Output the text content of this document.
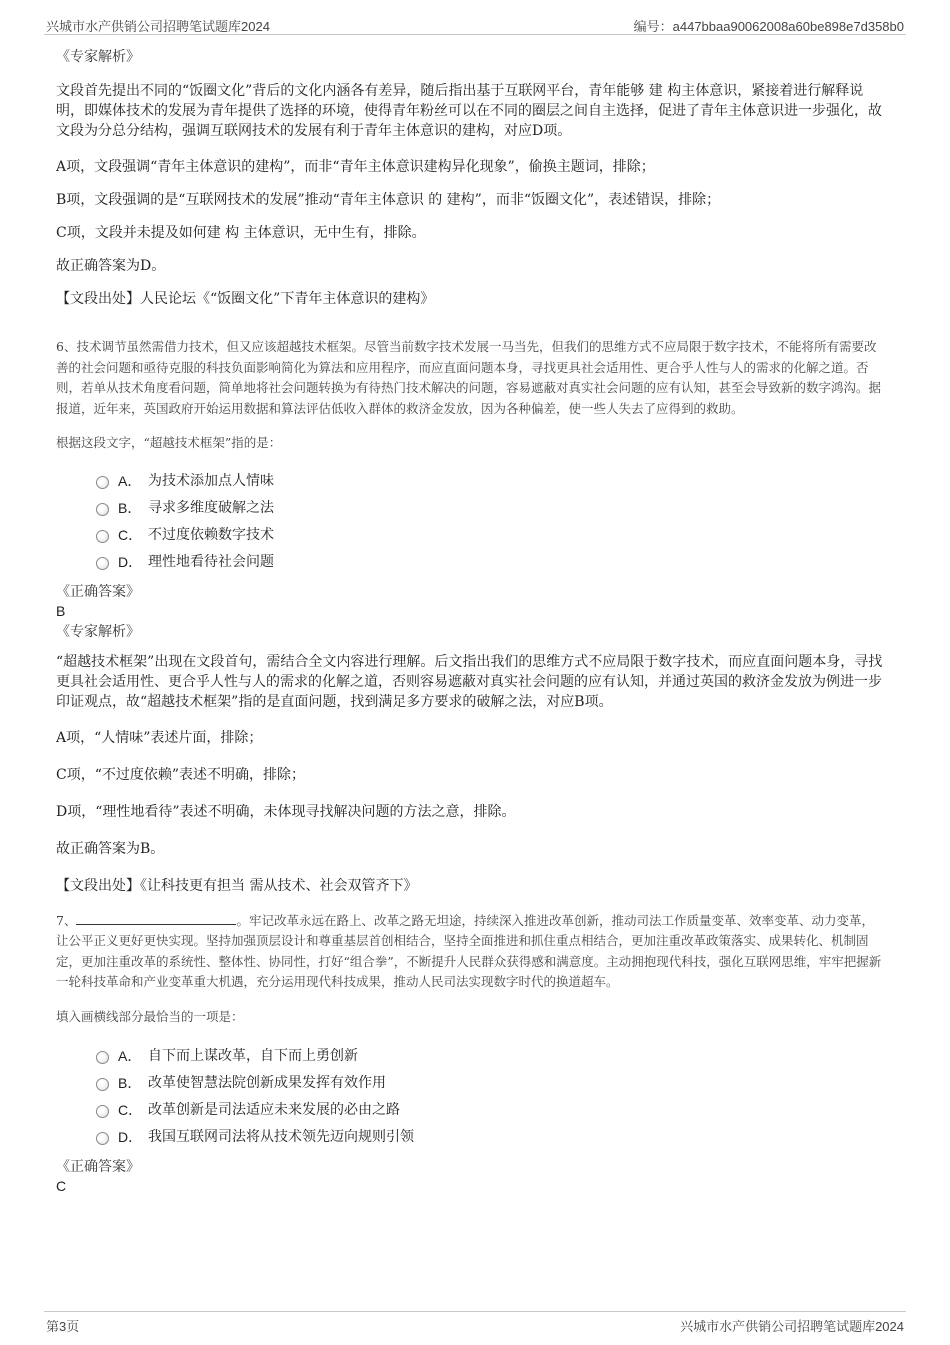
兴城市水产供销公司招聘笔试题库2024	编号：a447bbaa90062008a60be898e7d358b0
《专家解析》

文段首先提出不同的“饭圈文化”背后的文化内涵各有差异，随后指出基于互联网平台，青年能够 建 构主体意识，紧接着进行解释说明，即媒体技术的发展为青年提供了选择的环境，使得青年粉丝可以在不同的圈层之间自主选择，促进了青年主体意识进一步强化，故文段为分总分结构，强调互联网技术的发展有利于青年主体意识的建构，对应D项。

A项，文段强调“青年主体意识的建构”，而非“青年主体意识建构异化现象”，偷换主题词，排除；

B项，文段强调的是“互联网技术的发展”推动“青年主体意识 的 建构”，而非“饭圈文化”，表述错误，排除；

C项，文段并未提及如何建 构 主体意识，无中生有，排除。

故正确答案为D。

【文段出处】人民论坛《“饭圈文化”下青年主体意识的建构》

6、技术调节虽然需借力技术，但又应该超越技术框架。尽管当前数字技术发展一马当先，但我们的思维方式不应局限于数字技术，不能将所有需要改善的社会问题和亟待克服的科技负面影响简化为算法和应用程序，而应直面问题本身，寻找更具社会适用性、更合乎人性与人的需求的化解之道。否则，若单从技术角度看问题，简单地将社会问题转换为有待热门技术解决的问题，容易遮蔽对真实社会问题的应有认知，甚至会导致新的数字鸿沟。据报道，近年来，英国政府开始运用数据和算法评估低收入群体的救济金发放，因为各种偏差，使一些人失去了应得到的救助。

根据这段文字，“超越技术框架”指的是：

A． 为技术添加点人情味
B． 寻求多维度破解之法
C． 不过度依赖数字技术
D． 理性地看待社会问题
《正确答案》
B
《专家解析》

“超越技术框架”出现在文段首句，需结合全文内容进行理解。后文指出我们的思维方式不应局限于数字技术，而应直面问题本身，寻找更具社会适用性、更合乎人性与人的需求的化解之道，否则容易遮蔽对真实社会问题的应有认知，并通过英国的救济金发放为例进一步印证观点，故“超越技术框架”指的是直面问题，找到满足多方要求的破解之法，对应B项。

A项，“人情味”表述片面，排除；

C项，“不过度依赖”表述不明确，排除；

D项，“理性地看待”表述不明确，未体现寻找解决问题的方法之意，排除。

故正确答案为B。

【文段出处】《让科技更有担当 需从技术、社会双管齐下》

7、	。牢记改革永远在路上、改革之路无坦途，持续深入推进改革创新，推动司法工作质量变革、效率变革、动力变革，让公平正义更好更快实现。坚持加强顶层设计和尊重基层首创相结合，坚持全面推进和抓住重点相结合，更加注重改革政策落实、成果转化、机制固定，更加注重改革的系统性、整体性、协同性，打好“组合拳”，不断提升人民群众获得感和满意度。主动拥抱现代科技，强化互联网思维，牢牢把握新一轮科技革命和产业变革重大机遇，充分运用现代科技成果，推动人民司法实现数字时代的换道超车。

填入画横线部分最恰当的一项是：

A． 自下而上谋改革，自下而上勇创新
B． 改革使智慧法院创新成果发挥有效作用
C． 改革创新是司法适应未来发展的必由之路
D． 我国互联网司法将从技术领先迈向规则引领
《正确答案》
C
第3页	兴城市水产供销公司招聘笔试题库2024
